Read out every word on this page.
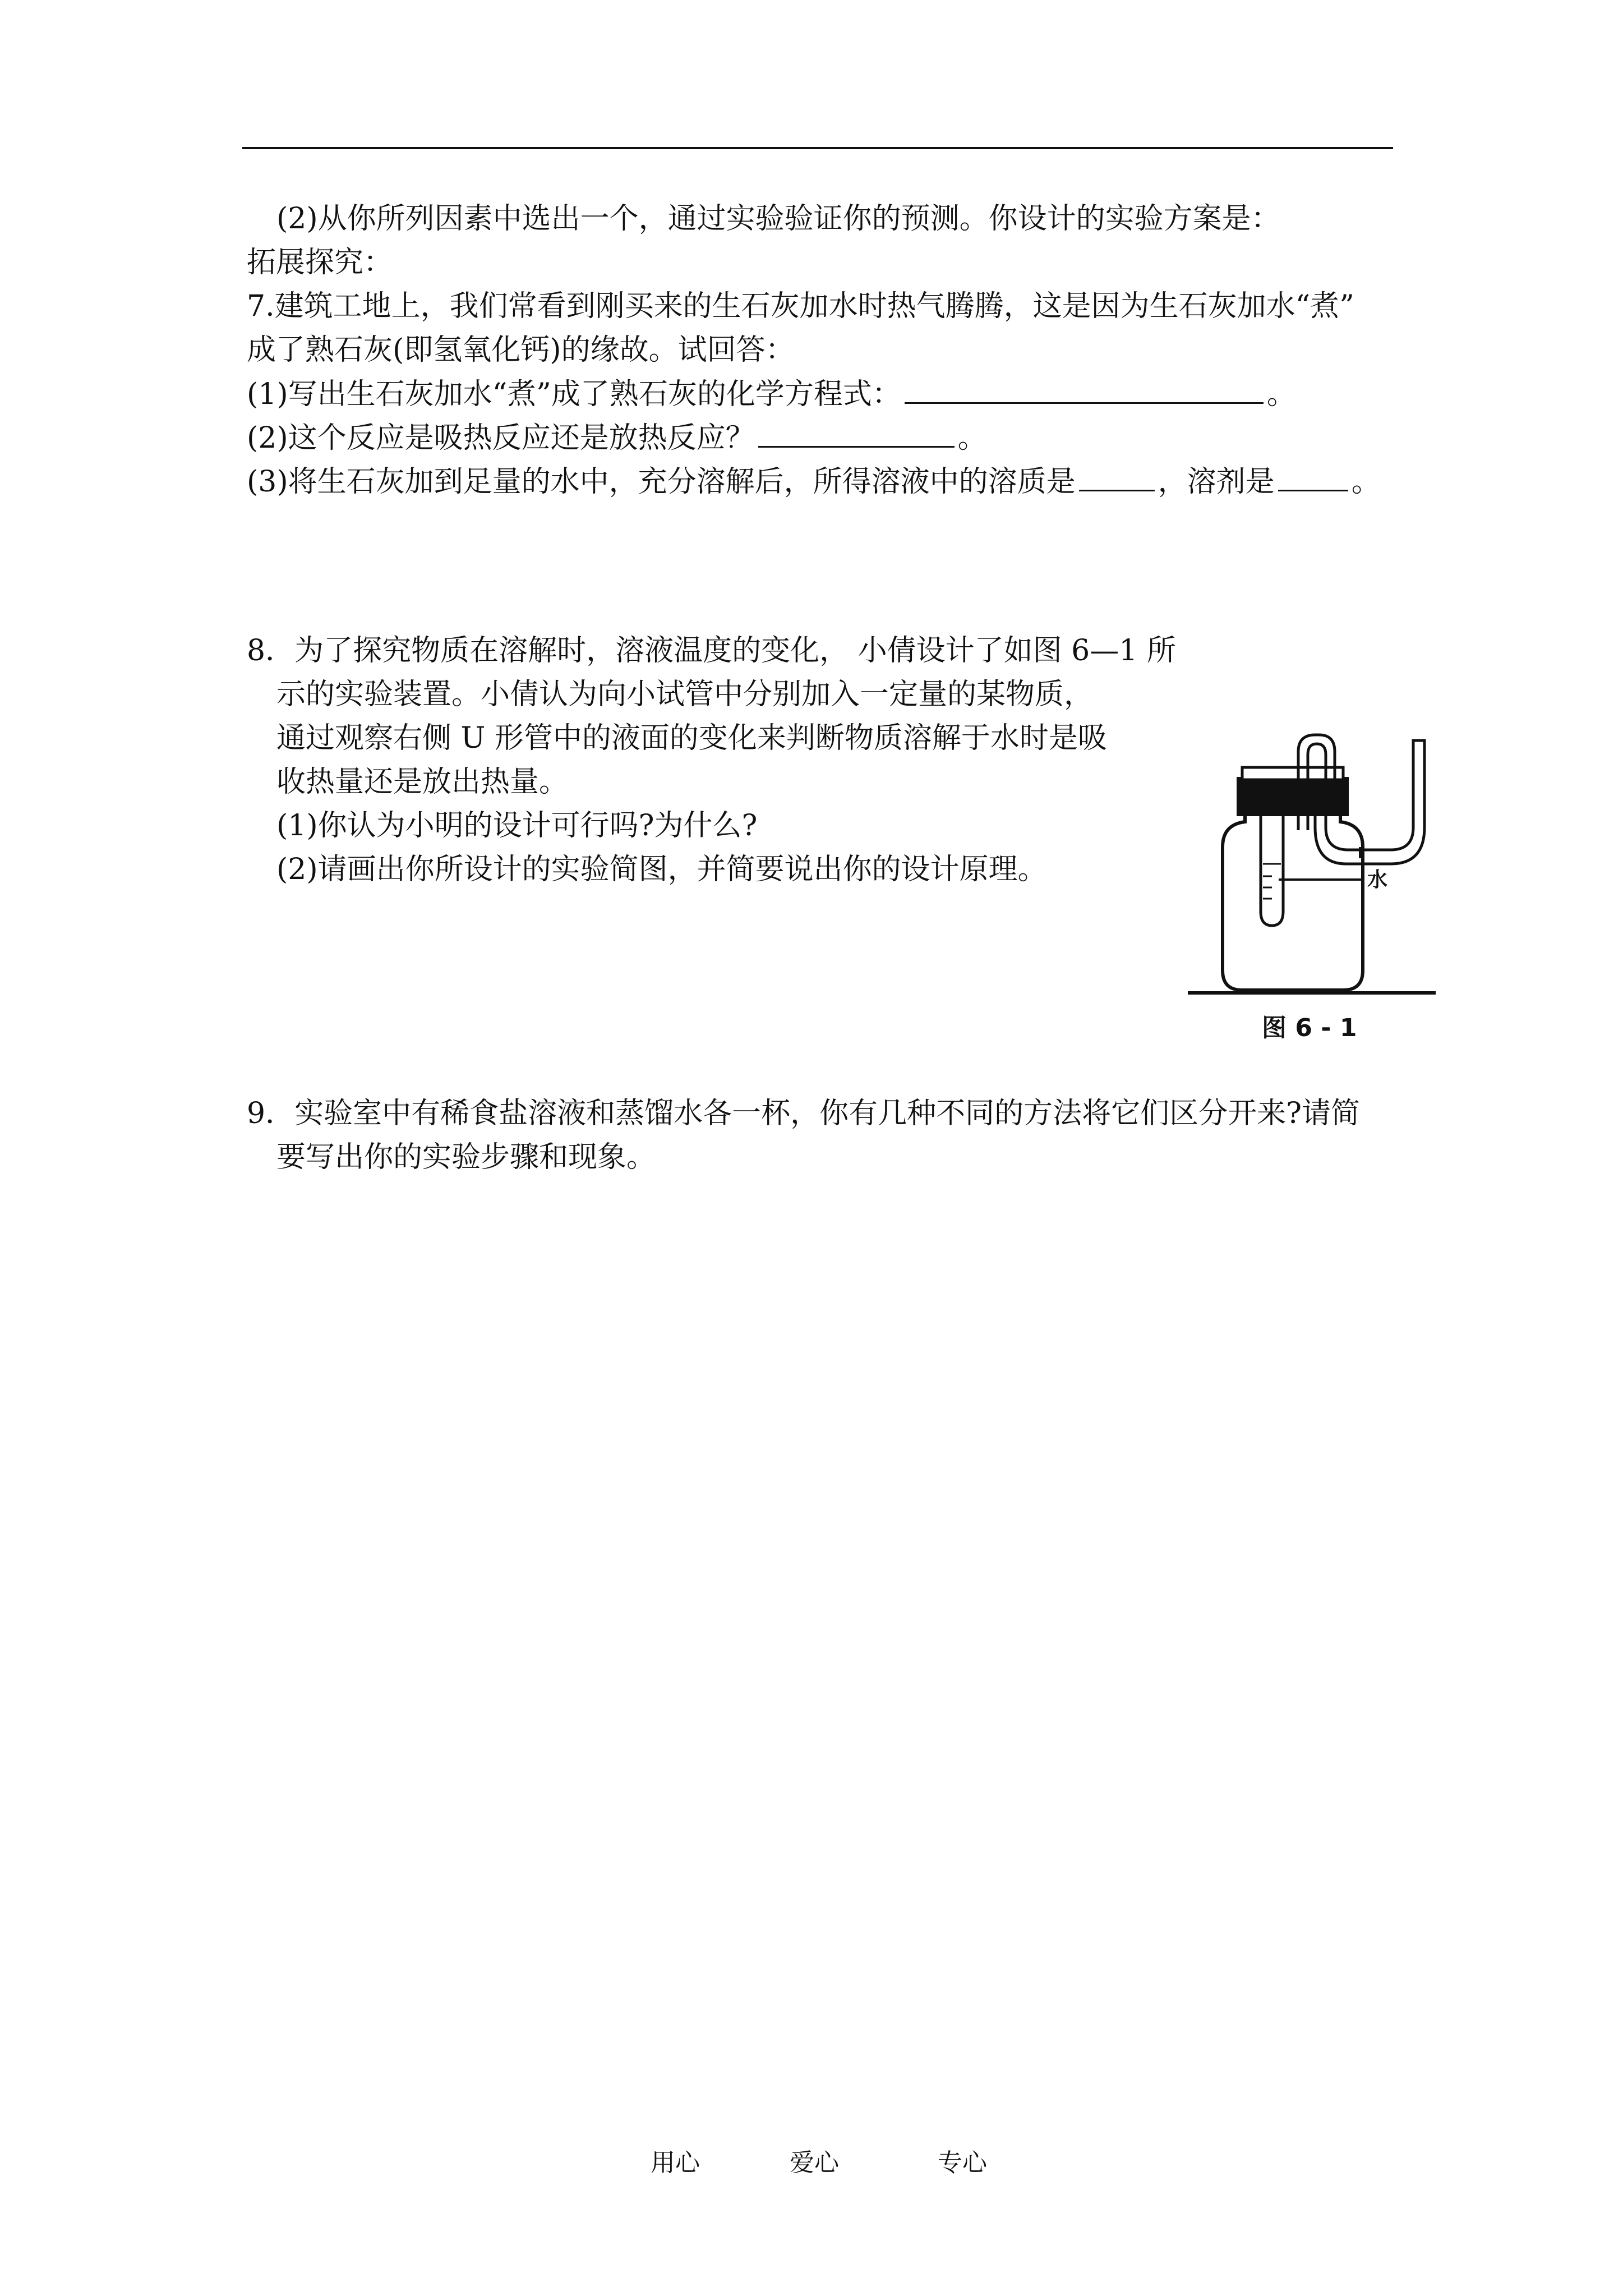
(2)从你所列因素中选出一个，通过实验验证你的预测。你设计的实验方案是：
拓展探究：
7.建筑工地上，我们常看到刚买来的生石灰加水时热气腾腾，这是因为生石灰加水“煮”
成了熟石灰(即氢氧化钙)的缘故。试回答：
(1)写出生石灰加水“煮”成了熟石灰的化学方程式：	。
(2)这个反应是吸热反应还是放热反应？	。
(3)将生石灰加到足量的水中，充分溶解后，所得溶液中的溶质是	，溶剂是	。
8．为了探究物质在溶解时，溶液温度的变化， 小倩设计了如图 6—1 所
示的实验装置。小倩认为向小试管中分别加入一定量的某物质，
通过观察右侧 U 形管中的液面的变化来判断物质溶解于水时是吸
收热量还是放出热量。
(1)你认为小明的设计可行吗?为什么?
(2)请画出你所设计的实验简图，并简要说出你的设计原理。	水
图 6 - 1
9．实验室中有稀食盐溶液和蒸馏水各一杯，你有几种不同的方法将它们区分开来?请简
要写出你的实验步骤和现象。
用心	爱心	专心
